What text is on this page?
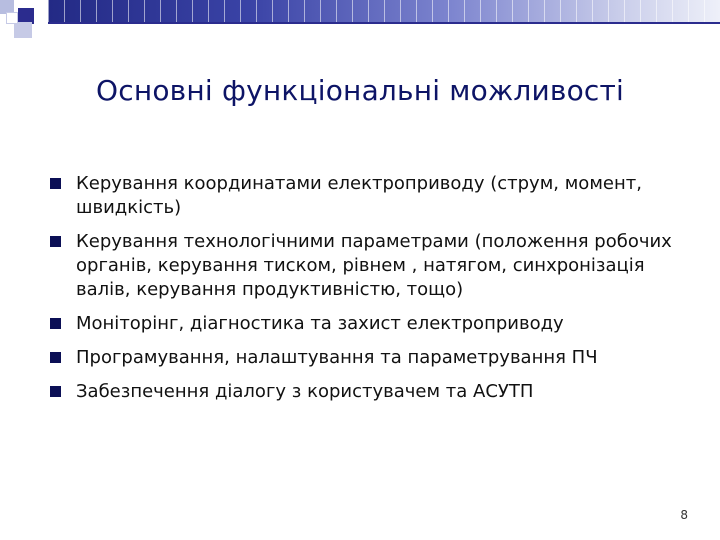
Основні функціональні можливості
Керування координатами електроприводу (струм, момент, швидкість)
Керування технологічними параметрами (положення робочих органів, керування тиском, рівнем , натягом, синхронізація валів, керування продуктивністю, тощо)
Моніторінг, діагностика та захист електроприводу
Програмування, налаштування та параметрування ПЧ
Забезпечення діалогу з користувачем та АСУТП
8
